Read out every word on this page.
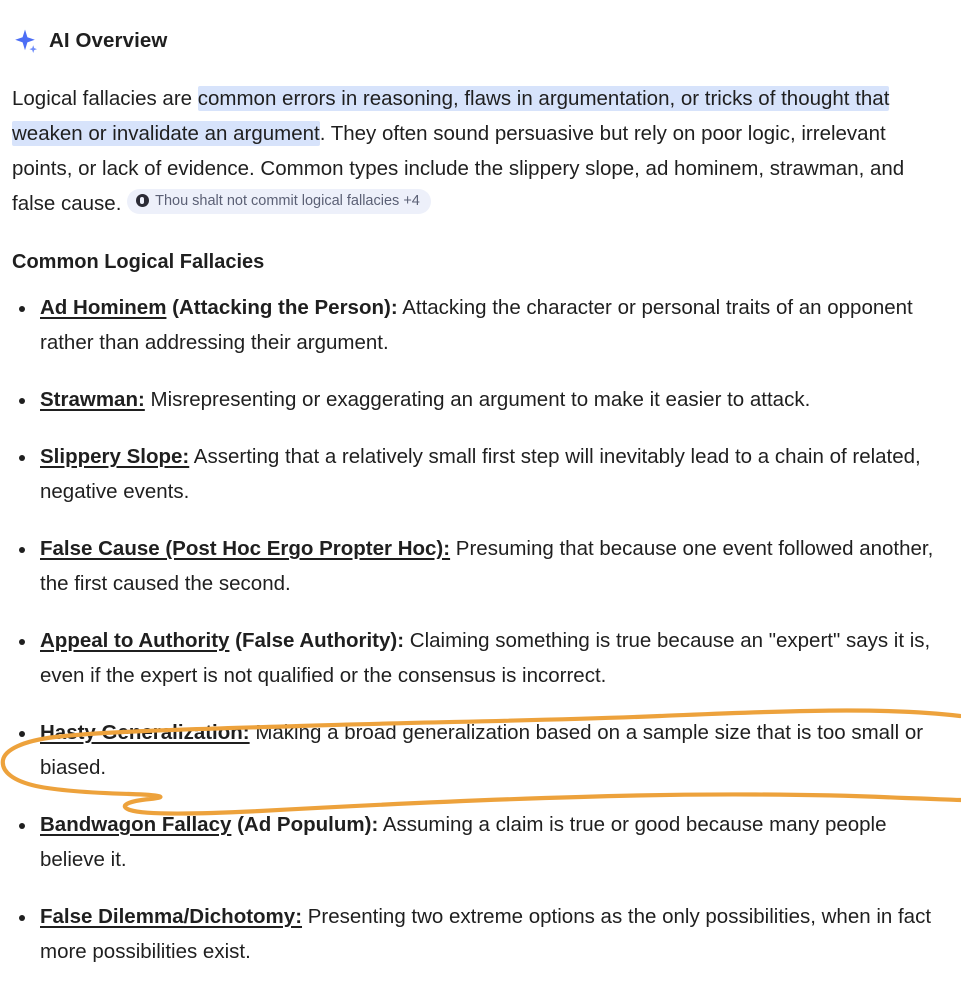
AI Overview

Logical fallacies are common errors in reasoning, flaws in argumentation, or tricks of thought that weaken or invalidate an argument. They often sound persuasive but rely on poor logic, irrelevant points, or lack of evidence. Common types include the slippery slope, ad hominem, strawman, and false cause. Thou shalt not commit logical fallacies +4

Common Logical Fallacies
Ad Hominem (Attacking the Person): Attacking the character or personal traits of an opponent rather than addressing their argument.
Strawman: Misrepresenting or exaggerating an argument to make it easier to attack.
Slippery Slope: Asserting that a relatively small first step will inevitably lead to a chain of related, negative events.
False Cause (Post Hoc Ergo Propter Hoc): Presuming that because one event followed another, the first caused the second.
Appeal to Authority (False Authority): Claiming something is true because an "expert" says it is, even if the expert is not qualified or the consensus is incorrect.
Hasty Generalization: Making a broad generalization based on a sample size that is too small or biased.
Bandwagon Fallacy (Ad Populum): Assuming a claim is true or good because many people believe it.
False Dilemma/Dichotomy: Presenting two extreme options as the only possibilities, when in fact more possibilities exist.
